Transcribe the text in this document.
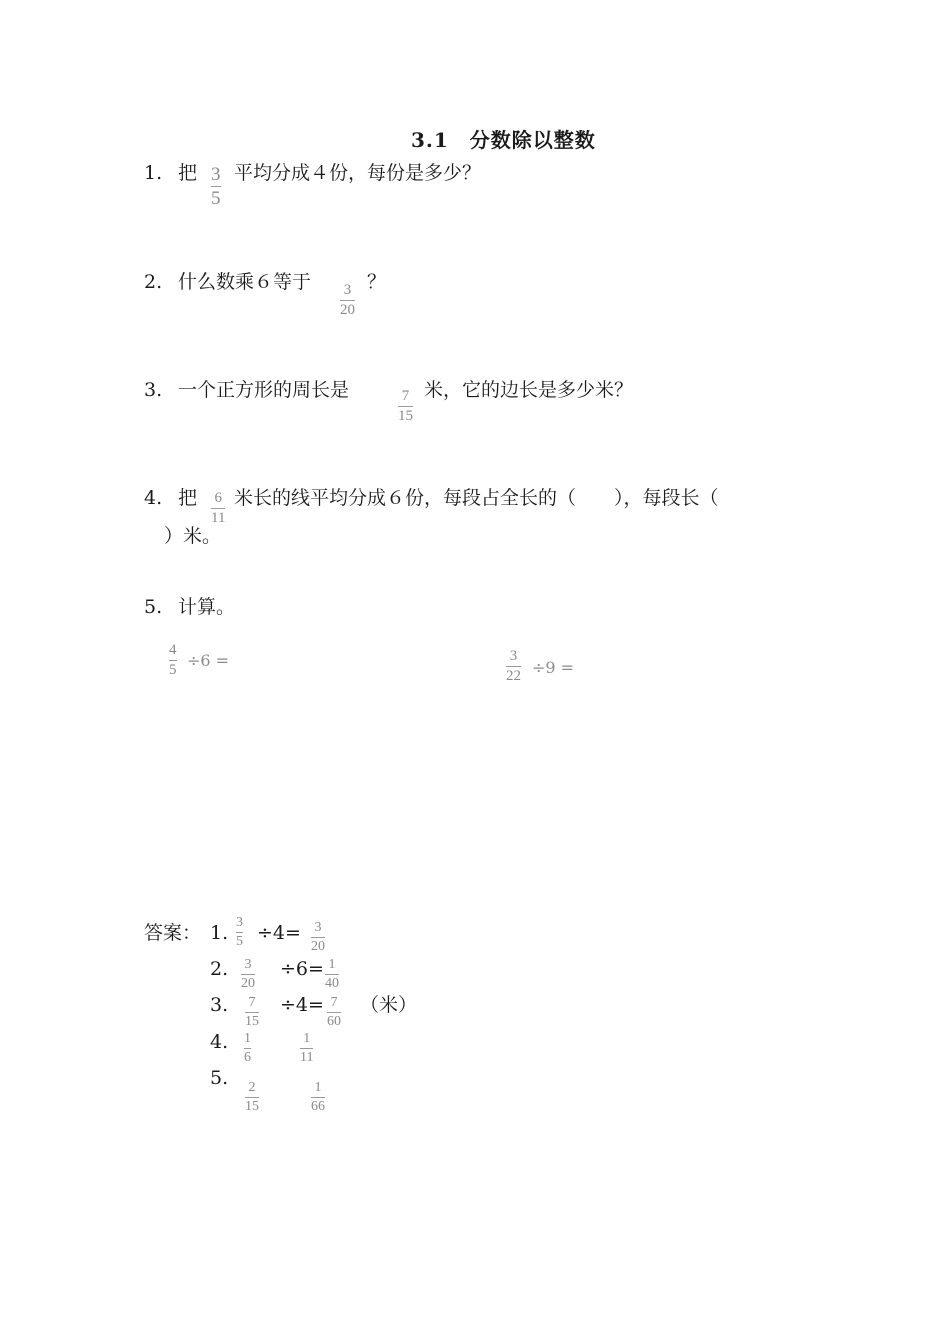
3.1　分数除以整数
1. 把 3
5
平均分成４份，每份是多少？
2. 什么数乘６等于 3
20
？
3. 一个正方形的周长是	7
15
米，它的边长是多少米？
4. 把 6
11
米长的线平均分成６份，每段占全长的（　　），每段长（
）米。
5. 计算。
4
5 ÷6 =	3
22 ÷9 =
答案： 1. 3
5 ÷4= 3
20
2. 3
20
÷6= 1
40
3. 7
15
÷4= 7
60
（米）
4. 1
6
1
11
5. 2
15
1
66
